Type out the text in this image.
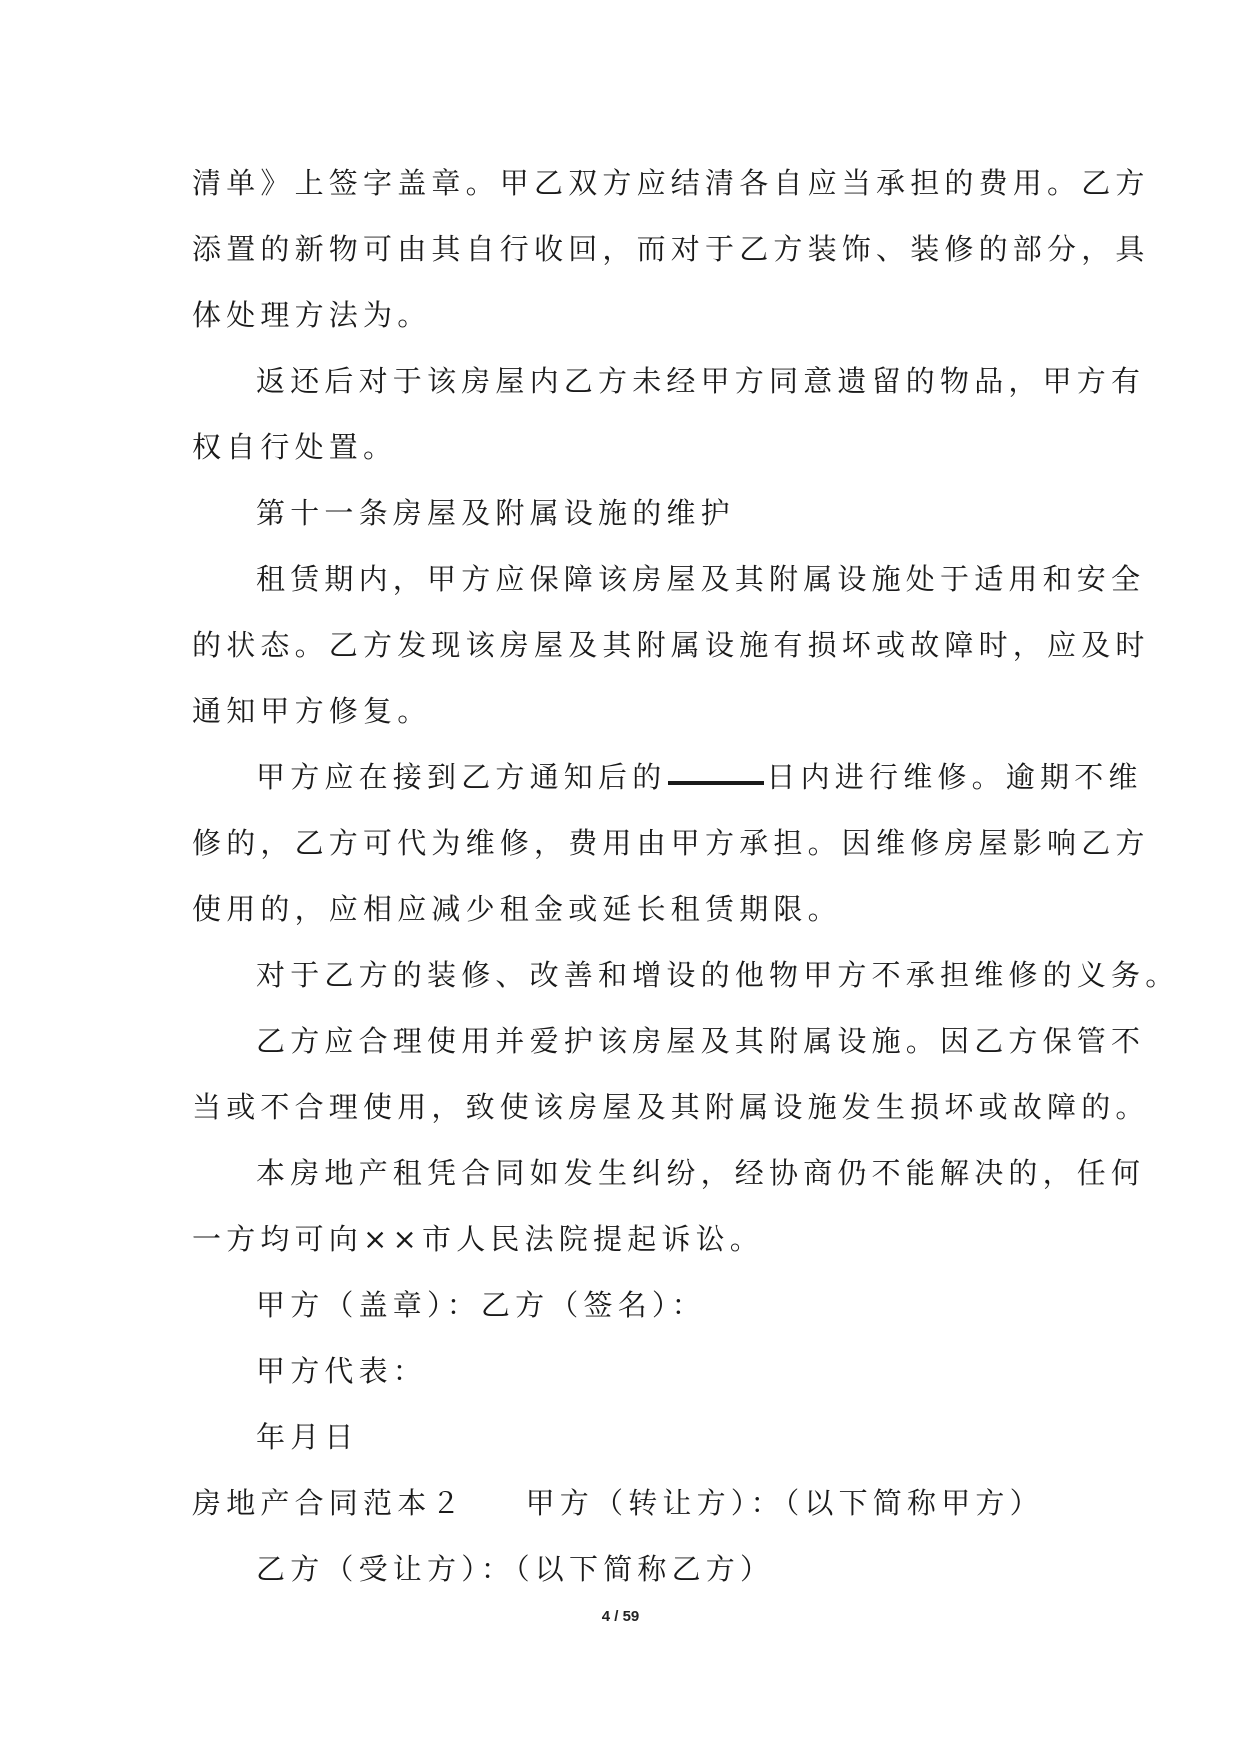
清单》上签字盖章。甲乙双方应结清各自应当承担的费用。乙方
添置的新物可由其自行收回，而对于乙方装饰、装修的部分，具
体处理方法为。
返还后对于该房屋内乙方未经甲方同意遗留的物品，甲方有
权自行处置。
第十一条房屋及附属设施的维护
租赁期内，甲方应保障该房屋及其附属设施处于适用和安全
的状态。乙方发现该房屋及其附属设施有损坏或故障时，应及时
通知甲方修复。
甲方应在接到乙方通知后的	日内进行维修。逾期不维
修的，乙方可代为维修，费用由甲方承担。因维修房屋影响乙方
使用的，应相应减少租金或延长租赁期限。
对于乙方的装修、改善和增设的他物甲方不承担维修的义务。
乙方应合理使用并爱护该房屋及其附属设施。因乙方保管不
当或不合理使用，致使该房屋及其附属设施发生损坏或故障的。
本房地产租凭合同如发生纠纷，经协商仍不能解决的，任何
一方均可向××市人民法院提起诉讼。
甲方（盖章）：乙方（签名）：
甲方代表：
年月日
房地产合同范本２ 甲方（转让方）：（以下简称甲方）
乙方（受让方）：（以下简称乙方）
4 / 59
